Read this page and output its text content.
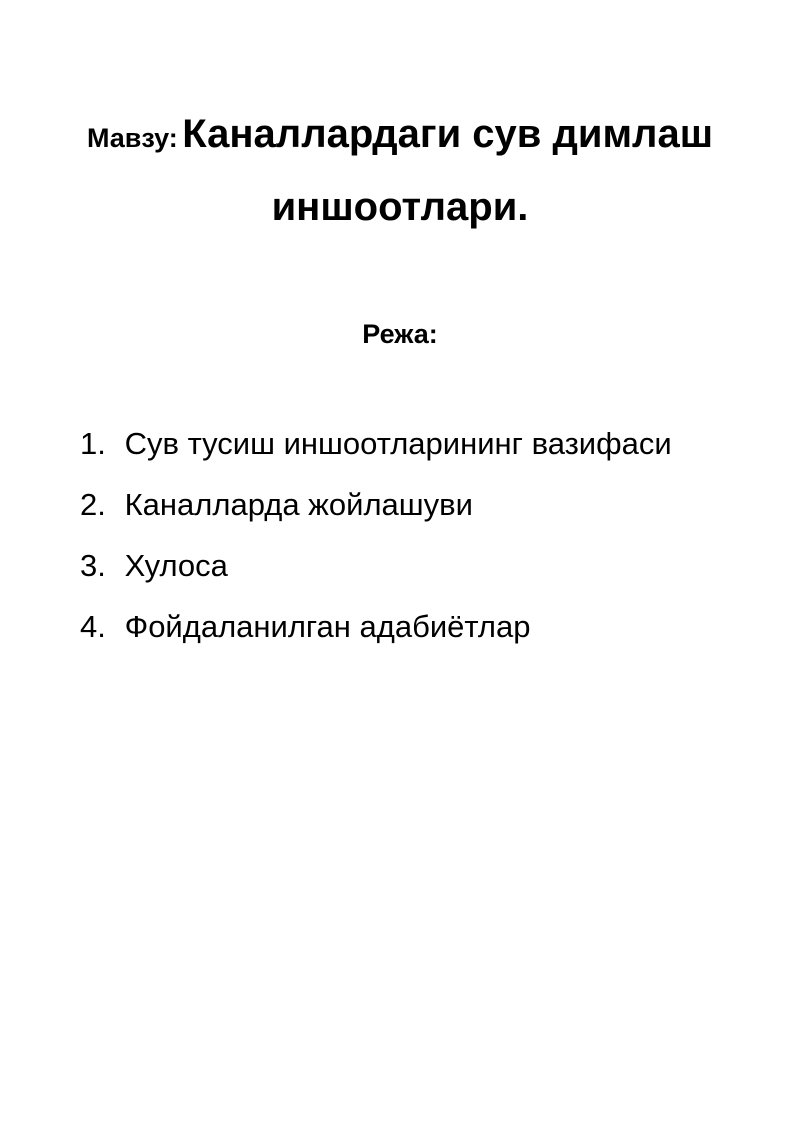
Мавзу: Каналлардаги сув димлаш иншоотлари.
Режа:
1. Сув тусиш иншоотларининг вазифаси
2. Каналларда жойлашуви
3. Хулоса
4. Фойдаланилган адабиётлар
